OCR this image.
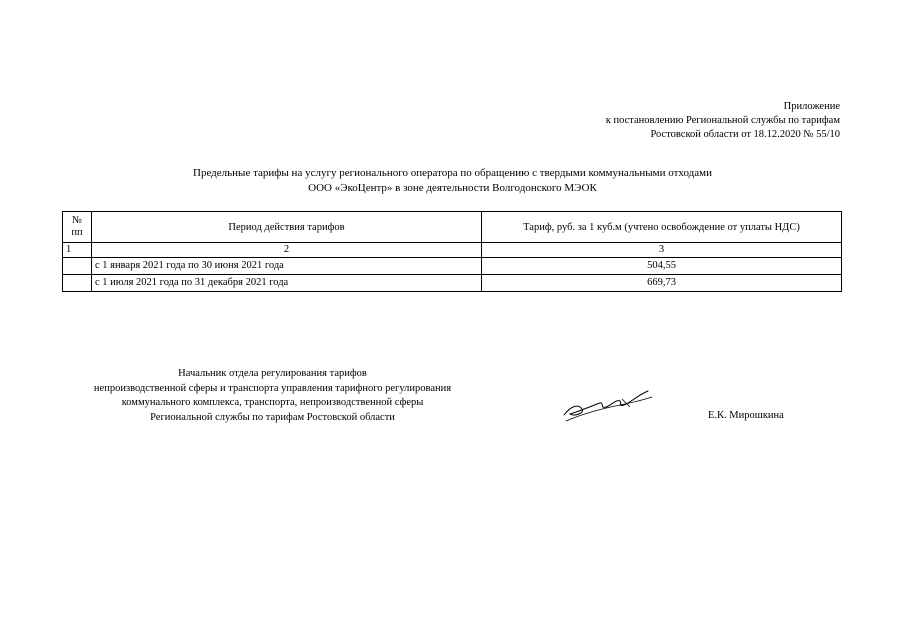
Приложение
к постановлению Региональной службы по тарифам
Ростовской области от 18.12.2020 № 55/10
Предельные тарифы на услугу регионального оператора по обращению с твердыми коммунальными отходами
ООО «ЭкоЦентр» в зоне деятельности Волгодонского МЭОК
№
пп	Период действия тарифов	Тариф, руб. за 1 куб.м (учтено освобождение от уплаты НДС)
1	2	3
	с 1 января 2021 года по 30 июня 2021 года	504,55
	с 1 июля 2021 года по 31 декабря 2021 года	669,73
Начальник отдела регулирования тарифов
непроизводственной сферы и транспорта управления тарифного регулирования
коммунального комплекса, транспорта, непроизводственной сферы
Региональной службы по тарифам Ростовской области	Е.К. Мирошкина
